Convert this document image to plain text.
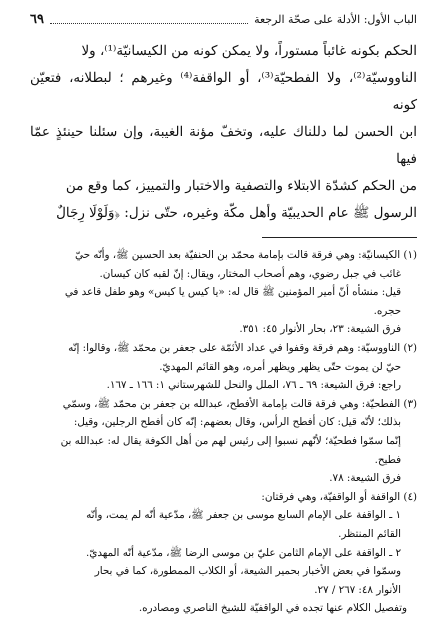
الباب الأول: الأدلة على صحّة الرجعة
٦٩

الحكم بكونه غائباً مستوراً، ولا يمكن كونه من الكيسانيّة⁽¹⁾، ولا

الناووسيّة⁽²⁾، ولا الفطحيّة⁽³⁾، أو الواقفة⁽⁴⁾ وغيرهم ؛ لبطلانه، فتعيّن كونه

ابن الحسن لما دللناك عليه، وتخفّ مؤنة الغيبة، وإن سئلنا حينئذٍ عمّا فيها

من الحكم كشدّة الابتلاء والتصفية والاختبار والتمييز، كما وقع من

الرسول ﷺ عام الحديبيّة وأهل مكّة وغيره، حتّى نزل: ﴿وَلَوْلَا رِجَالٌ

(١) الكيسانيّة: وهي فرقة قالت بإمامة محمّد بن الحنفيّة بعد الحسين ﷺ، وأنّه حيّ

غائب في جبل رضوي، وهم أصحاب المختار، ويقال: إنّ لقبه كان كيسان.

قيل: منشأه أنّ أمير المؤمنين ﷺ قال له: «يا كيس يا كيس» وهو طفل قاعد في

حجره.

فرق الشيعة: ٢٣، بحار الأنوار ٤٥: ٣٥١.

(٢) الناووسيّة: وهم فرقة وقفوا في عداد الأئمّة على جعفر بن محمّد ﷺ، وقالوا: إنّه

حيّ لن يموت حتّى يظهر ويظهر أمره، وهو القائم المهديّ.

راجع: فرق الشيعة: ٦٩ ـ ٧٦، الملل والنحل للشهرستاني ١: ١٦٦ ـ ١٦٧.

(٣) الفطحيّة: وهي فرقة قالت بإمامة الأفطح، عبدالله بن جعفر بن محمّد ﷺ، وسمّي

بذلك؛ لأنّه قيل: كان أفطح الرأس، وقال بعضهم: إنّه كان أفطح الرجلين، وقيل:

إنّما سمّوا فطحيّة؛ لأنّهم نسبوا إلى رئيس لهم من أهل الكوفة يقال له: عبدالله بن

فطيح.

فرق الشيعة: ٧٨.

(٤) الواقفة أو الواقفيّة، وهي فرقتان:

١ ـ الواقفة على الإمام السابع موسى بن جعفر ﷺ، مدّعية أنّه لم يمت، وأنّه

القائم المنتظر.

٢ ـ الواقفة على الإمام الثامن عليّ بن موسى الرضا ﷺ، مدّعية أنّه المهديّ.

وسمّوا في بعض الأخبار بحمير الشيعة، أو الكلاب الممطورة، كما في بحار

الأنوار ٤٨: ٢٦٧ / ٢٧.

وتفصيل الكلام عنها تجده في الواقفيّة للشيخ الناصري ومصادره.
